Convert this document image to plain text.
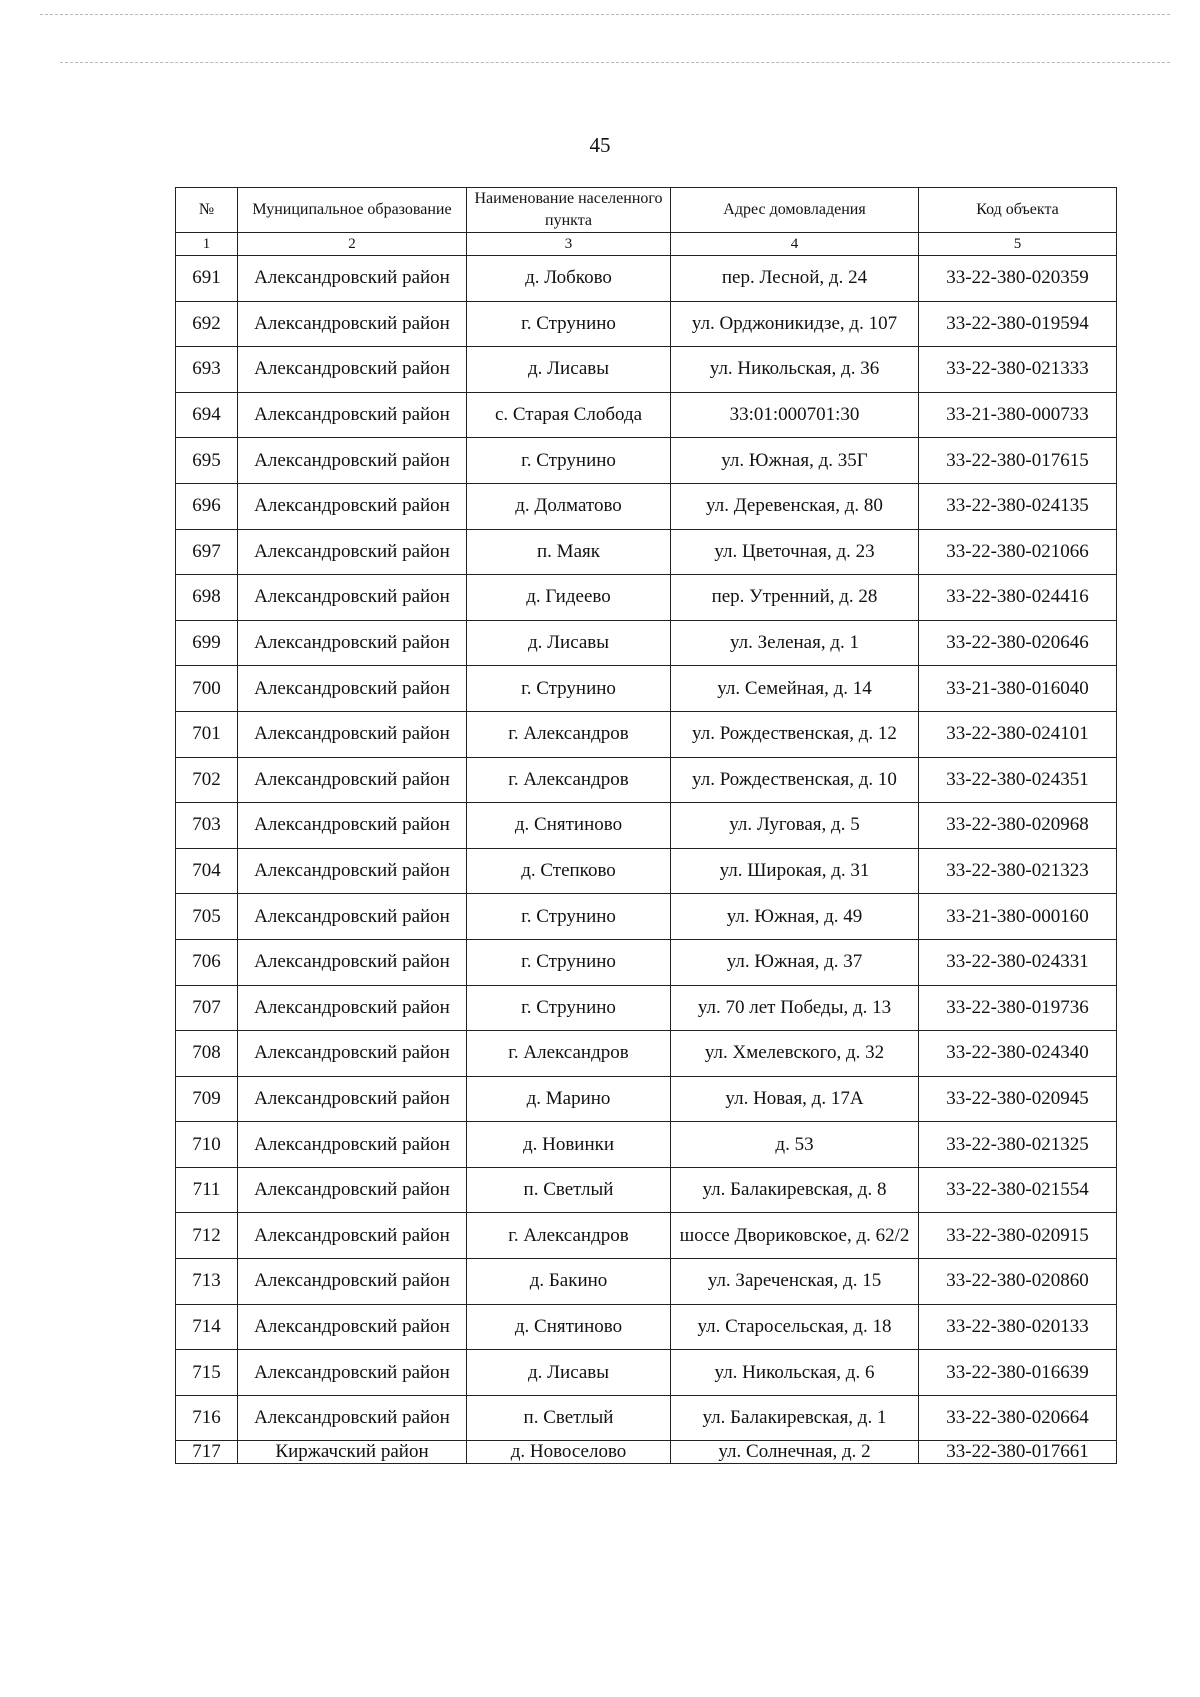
45
№	Муниципальное образование	Наименование населенного пункта	Адрес домовладения	Код объекта
1	2	3	4	5
691	Александровский район	д. Лобково	пер. Лесной, д. 24	33-22-380-020359
692	Александровский район	г. Струнино	ул. Орджоникидзе, д. 107	33-22-380-019594
693	Александровский район	д. Лисавы	ул. Никольская, д. 36	33-22-380-021333
694	Александровский район	с. Старая Слобода	33:01:000701:30	33-21-380-000733
695	Александровский район	г. Струнино	ул. Южная, д. 35Г	33-22-380-017615
696	Александровский район	д. Долматово	ул. Деревенская, д. 80	33-22-380-024135
697	Александровский район	п. Маяк	ул. Цветочная, д. 23	33-22-380-021066
698	Александровский район	д. Гидеево	пер. Утренний, д. 28	33-22-380-024416
699	Александровский район	д. Лисавы	ул. Зеленая, д. 1	33-22-380-020646
700	Александровский район	г. Струнино	ул. Семейная, д. 14	33-21-380-016040
701	Александровский район	г. Александров	ул. Рождественская, д. 12	33-22-380-024101
702	Александровский район	г. Александров	ул. Рождественская, д. 10	33-22-380-024351
703	Александровский район	д. Снятиново	ул. Луговая, д. 5	33-22-380-020968
704	Александровский район	д. Степково	ул. Широкая, д. 31	33-22-380-021323
705	Александровский район	г. Струнино	ул. Южная, д. 49	33-21-380-000160
706	Александровский район	г. Струнино	ул. Южная, д. 37	33-22-380-024331
707	Александровский район	г. Струнино	ул. 70 лет Победы, д. 13	33-22-380-019736
708	Александровский район	г. Александров	ул. Хмелевского, д. 32	33-22-380-024340
709	Александровский район	д. Марино	ул. Новая, д. 17А	33-22-380-020945
710	Александровский район	д. Новинки	д. 53	33-22-380-021325
711	Александровский район	п. Светлый	ул. Балакиревская, д. 8	33-22-380-021554
712	Александровский район	г. Александров	шоссе Двориковское, д. 62/2	33-22-380-020915
713	Александровский район	д. Бакино	ул. Зареченская, д. 15	33-22-380-020860
714	Александровский район	д. Снятиново	ул. Старосельская, д. 18	33-22-380-020133
715	Александровский район	д. Лисавы	ул. Никольская, д. 6	33-22-380-016639
716	Александровский район	п. Светлый	ул. Балакиревская, д. 1	33-22-380-020664
717	Киржачский район	д. Новоселово	ул. Солнечная, д. 2	33-22-380-017661
